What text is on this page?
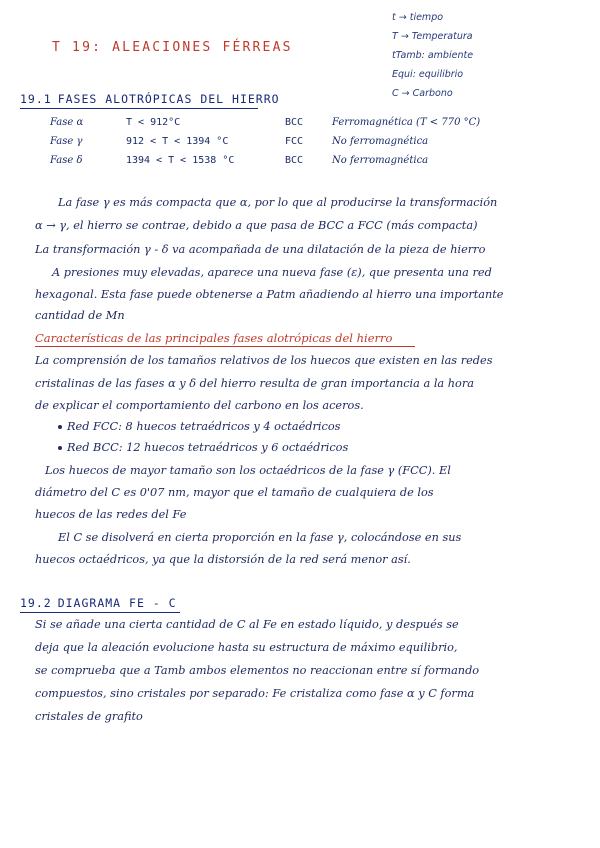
t → tiempo
T → Temperatura
tTamb: ambiente
Equi: equilibrio
C → Carbono
T 19: ALEACIONES FÉRREAS
19.1 FASES ALOTRÓPICAS DEL HIERRO
Fase α	T < 912°C	BCC	Ferromagnética (T < 770 °C)
Fase γ	912 < T < 1394 °C	FCC	No ferromagnética
Fase δ	1394 < T < 1538 °C	BCC	No ferromagnética
La fase γ es más compacta que α, por lo que al producirse la transformación
α → γ, el hierro se contrae, debido a que pasa de BCC a FCC (más compacta)
La transformación γ - δ va acompañada de una dilatación de la pieza de hierro
A presiones muy elevadas, aparece una nueva fase (ε), que presenta una red
hexagonal. Esta fase puede obtenerse a Patm añadiendo al hierro una importante
cantidad de Mn
Características de las principales fases alotrópicas del hierro
La comprensión de los tamaños relativos de los huecos que existen en las redes
cristalinas de las fases α y δ del hierro resulta de gran importancia a la hora
de explicar el comportamiento del carbono en los aceros.
Red FCC: 8 huecos tetraédricos y 4 octaédricos
Red BCC: 12 huecos tetraédricos y 6 octaédricos
Los huecos de mayor tamaño son los octaédricos de la fase γ (FCC). El
diámetro del C es 0'07 nm, mayor que el tamaño de cualquiera de los
huecos de las redes del Fe
El C se disolverá en cierta proporción en la fase γ, colocándose en sus
huecos octaédricos, ya que la distorsión de la red será menor así.
19.2 DIAGRAMA FE - C
Si se añade una cierta cantidad de C al Fe en estado líquido, y después se
deja que la aleación evolucione hasta su estructura de máximo equilibrio,
se comprueba que a Tamb ambos elementos no reaccionan entre sí formando
compuestos, sino cristales por separado: Fe cristaliza como fase α y C forma
cristales de grafito
